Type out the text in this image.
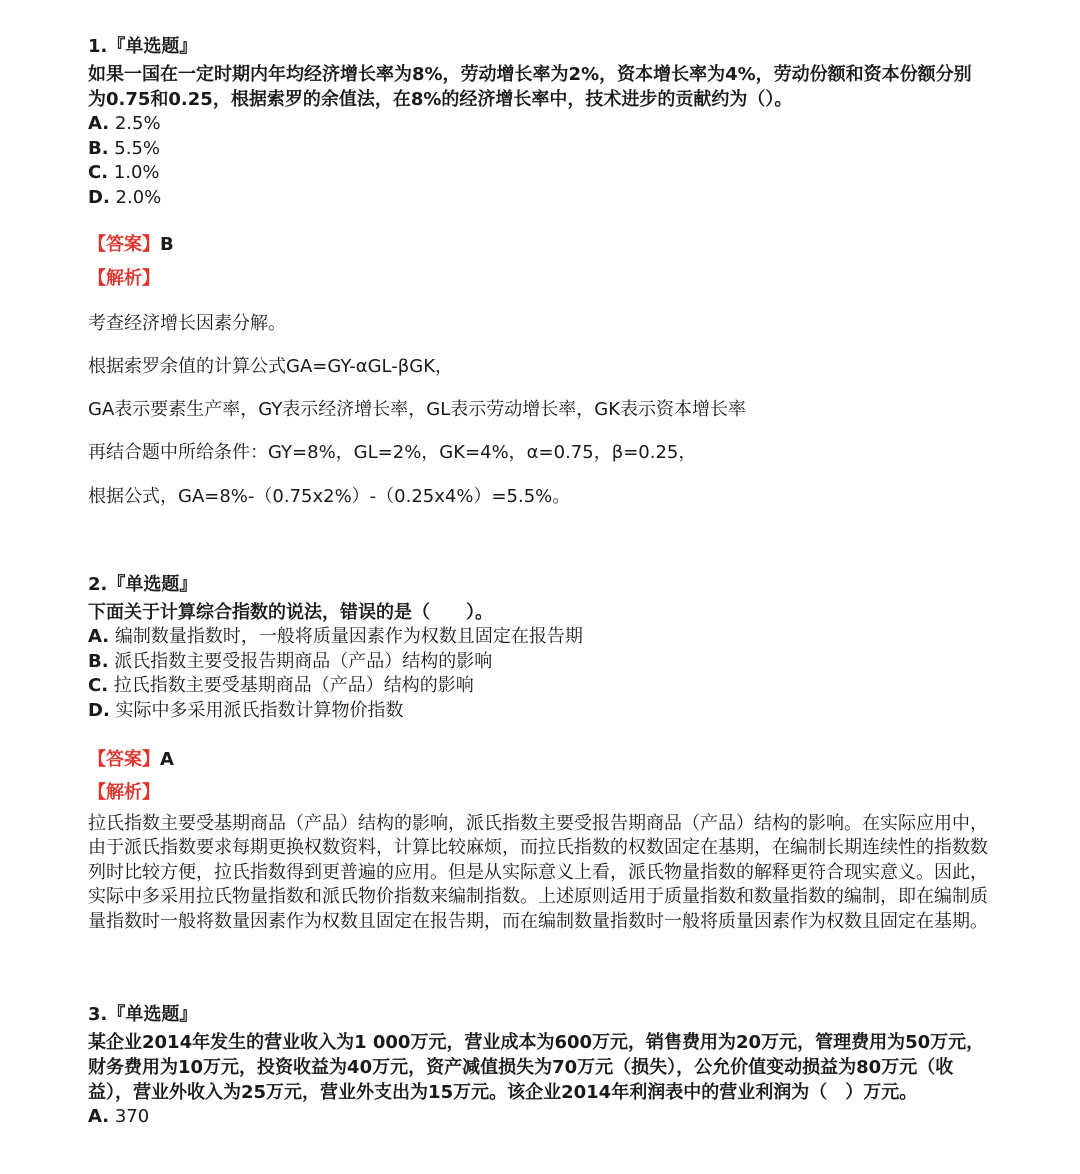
1.『单选题』
如果一国在一定时期内年均经济增长率为8%，劳动增长率为2%，资本增长率为4%，劳动份额和资本份额分别为0.75和0.25，根据索罗的余值法，在8%的经济增长率中，技术进步的贡献约为（）。
A. 2.5%
B. 5.5%
C. 1.0%
D. 2.0%
【答案】B
【解析】
考查经济增长因素分解。
根据索罗余值的计算公式GA=GY-αGL-βGK，
GA表示要素生产率，GY表示经济增长率，GL表示劳动增长率，GK表示资本增长率
再结合题中所给条件：GY=8%，GL=2%，GK=4%，α=0.75，β=0.25，
根据公式，GA=8%-（0.75x2%）-（0.25x4%）=5.5%。
2.『单选题』
下面关于计算综合指数的说法，错误的是（　　）。
A. 编制数量指数时，一般将质量因素作为权数且固定在报告期
B. 派氏指数主要受报告期商品（产品）结构的影响
C. 拉氏指数主要受基期商品（产品）结构的影响
D. 实际中多采用派氏指数计算物价指数
【答案】A
【解析】
拉氏指数主要受基期商品（产品）结构的影响，派氏指数主要受报告期商品（产品）结构的影响。在实际应用中，由于派氏指数要求每期更换权数资料，计算比较麻烦，而拉氏指数的权数固定在基期，在编制长期连续性的指数数列时比较方便，拉氏指数得到更普遍的应用。但是从实际意义上看，派氏物量指数的解释更符合现实意义。因此，实际中多采用拉氏物量指数和派氏物价指数来编制指数。上述原则适用于质量指数和数量指数的编制，即在编制质量指数时一般将数量因素作为权数且固定在报告期，而在编制数量指数时一般将质量因素作为权数且固定在基期。
3.『单选题』
某企业2014年发生的营业收入为1 000万元，营业成本为600万元，销售费用为20万元，管理费用为50万元，财务费用为10万元，投资收益为40万元，资产减值损失为70万元（损失），公允价值变动损益为80万元（收益），营业外收入为25万元，营业外支出为15万元。该企业2014年利润表中的营业利润为（　）万元。
A. 370
